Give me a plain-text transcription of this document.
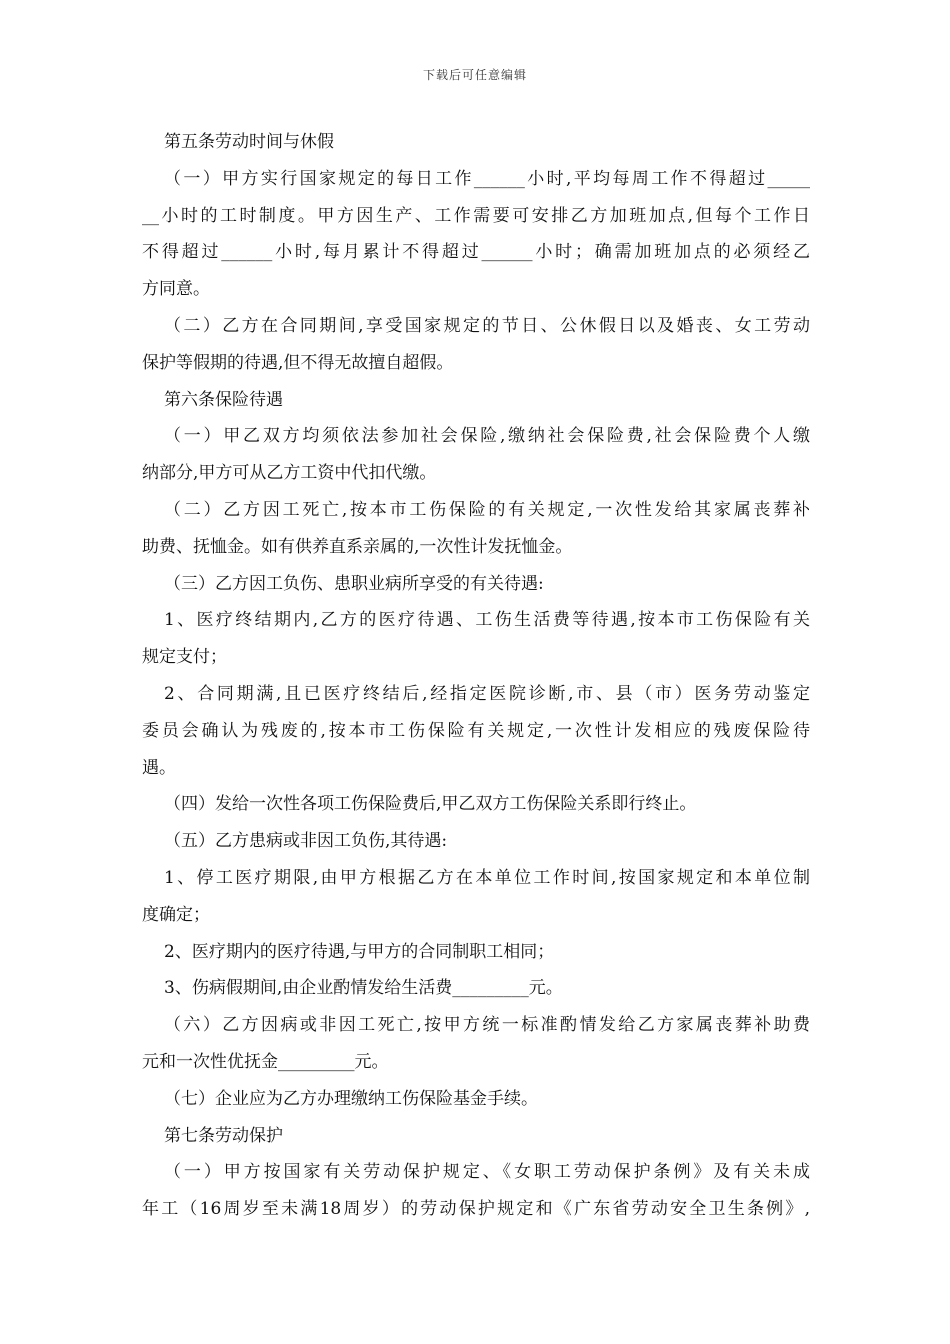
下载后可任意编辑
第五条劳动时间与休假
（一）甲方实行国家规定的每日工作______小时,平均每周工作不得超过_____
__小时的工时制度。甲方因生产、工作需要可安排乙方加班加点,但每个工作日
不得超过______小时,每月累计不得超过______小时；确需加班加点的必须经乙
方同意。
（二）乙方在合同期间,享受国家规定的节日、公休假日以及婚丧、女工劳动
保护等假期的待遇,但不得无故擅自超假。
第六条保险待遇
（一）甲乙双方均须依法参加社会保险,缴纳社会保险费,社会保险费个人缴
纳部分,甲方可从乙方工资中代扣代缴。
（二）乙方因工死亡,按本市工伤保险的有关规定,一次性发给其家属丧葬补
助费、抚恤金。如有供养直系亲属的,一次性计发抚恤金。
（三）乙方因工负伤、患职业病所享受的有关待遇:
1、医疗终结期内,乙方的医疗待遇、工伤生活费等待遇,按本市工伤保险有关
规定支付；
2、合同期满,且已医疗终结后,经指定医院诊断,市、县（市）医务劳动鉴定
委员会确认为残废的,按本市工伤保险有关规定,一次性计发相应的残废保险待
遇。
（四）发给一次性各项工伤保险费后,甲乙双方工伤保险关系即行终止。
（五）乙方患病或非因工负伤,其待遇:
1、停工医疗期限,由甲方根据乙方在本单位工作时间,按国家规定和本单位制
度确定；
2、医疗期内的医疗待遇,与甲方的合同制职工相同；
3、伤病假期间,由企业酌情发给生活费_________元。
（六）乙方因病或非因工死亡,按甲方统一标准酌情发给乙方家属丧葬补助费
元和一次性优抚金_________元。
（七）企业应为乙方办理缴纳工伤保险基金手续。
第七条劳动保护
（一）甲方按国家有关劳动保护规定、《女职工劳动保护条例》及有关未成
年工（16周岁至未满18周岁）的劳动保护规定和《广东省劳动安全卫生条例》,
